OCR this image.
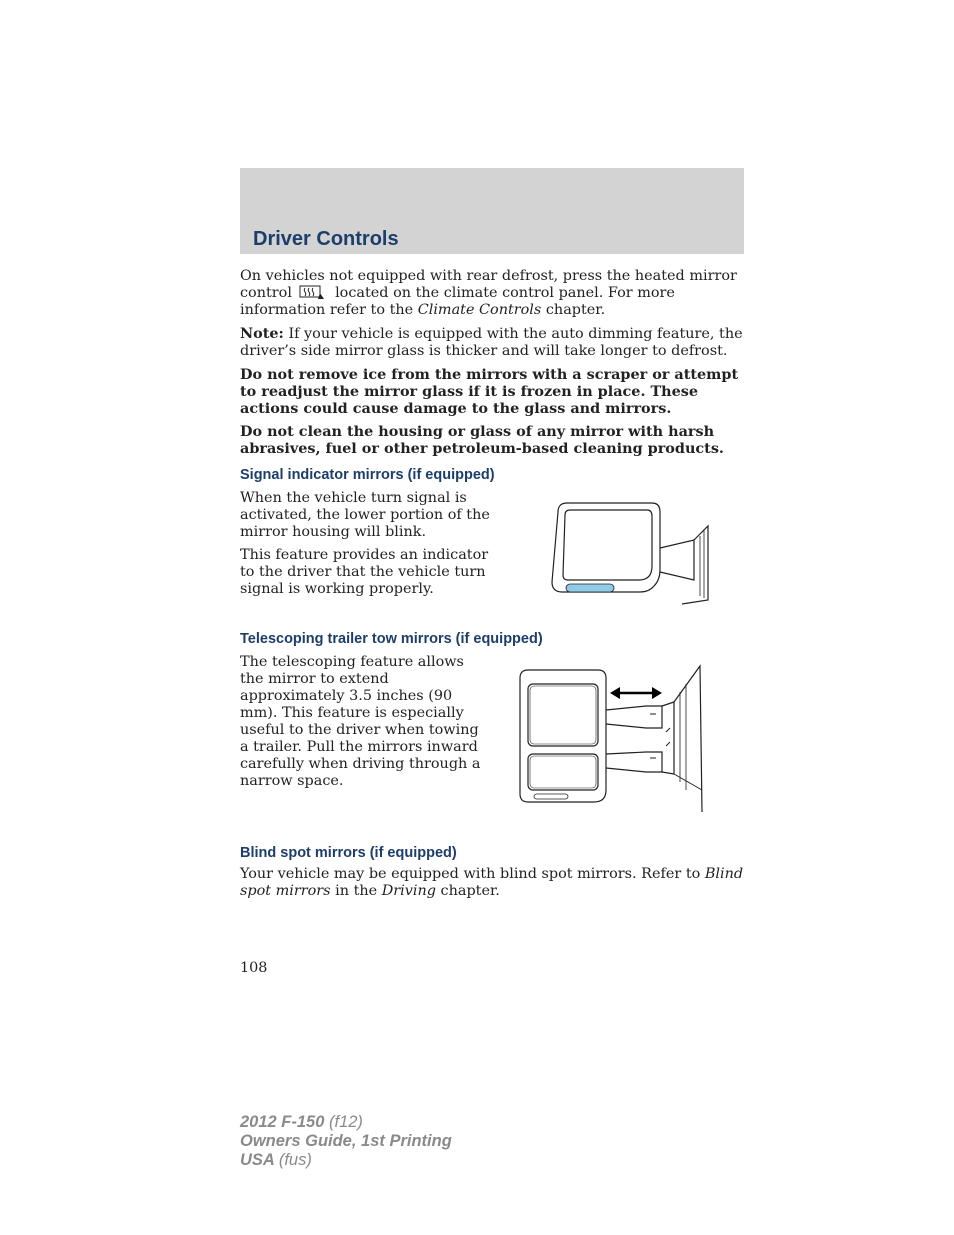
Driver Controls

On vehicles not equipped with rear defrost, press the heated mirror control	located on the climate control panel. For more information refer to the Climate Controls chapter.

Note: If your vehicle is equipped with the auto dimming feature, the driver’s side mirror glass is thicker and will take longer to defrost.

Do not remove ice from the mirrors with a scraper or attempt to readjust the mirror glass if it is frozen in place. These actions could cause damage to the glass and mirrors.

Do not clean the housing or glass of any mirror with harsh abrasives, fuel or other petroleum-based cleaning products.

Signal indicator mirrors (if equipped)

When the vehicle turn signal is activated, the lower portion of the mirror housing will blink.

This feature provides an indicator to the driver that the vehicle turn signal is working properly.

Telescoping trailer tow mirrors (if equipped)

The telescoping feature allows the mirror to extend approximately 3.5 inches (90 mm). This feature is especially useful to the driver when towing a trailer. Pull the mirrors inward carefully when driving through a narrow space.

Blind spot mirrors (if equipped)

Your vehicle may be equipped with blind spot mirrors. Refer to Blind spot mirrors in the Driving chapter.

108
2012 F-150 (f12)
Owners Guide, 1st Printing
USA (fus)
